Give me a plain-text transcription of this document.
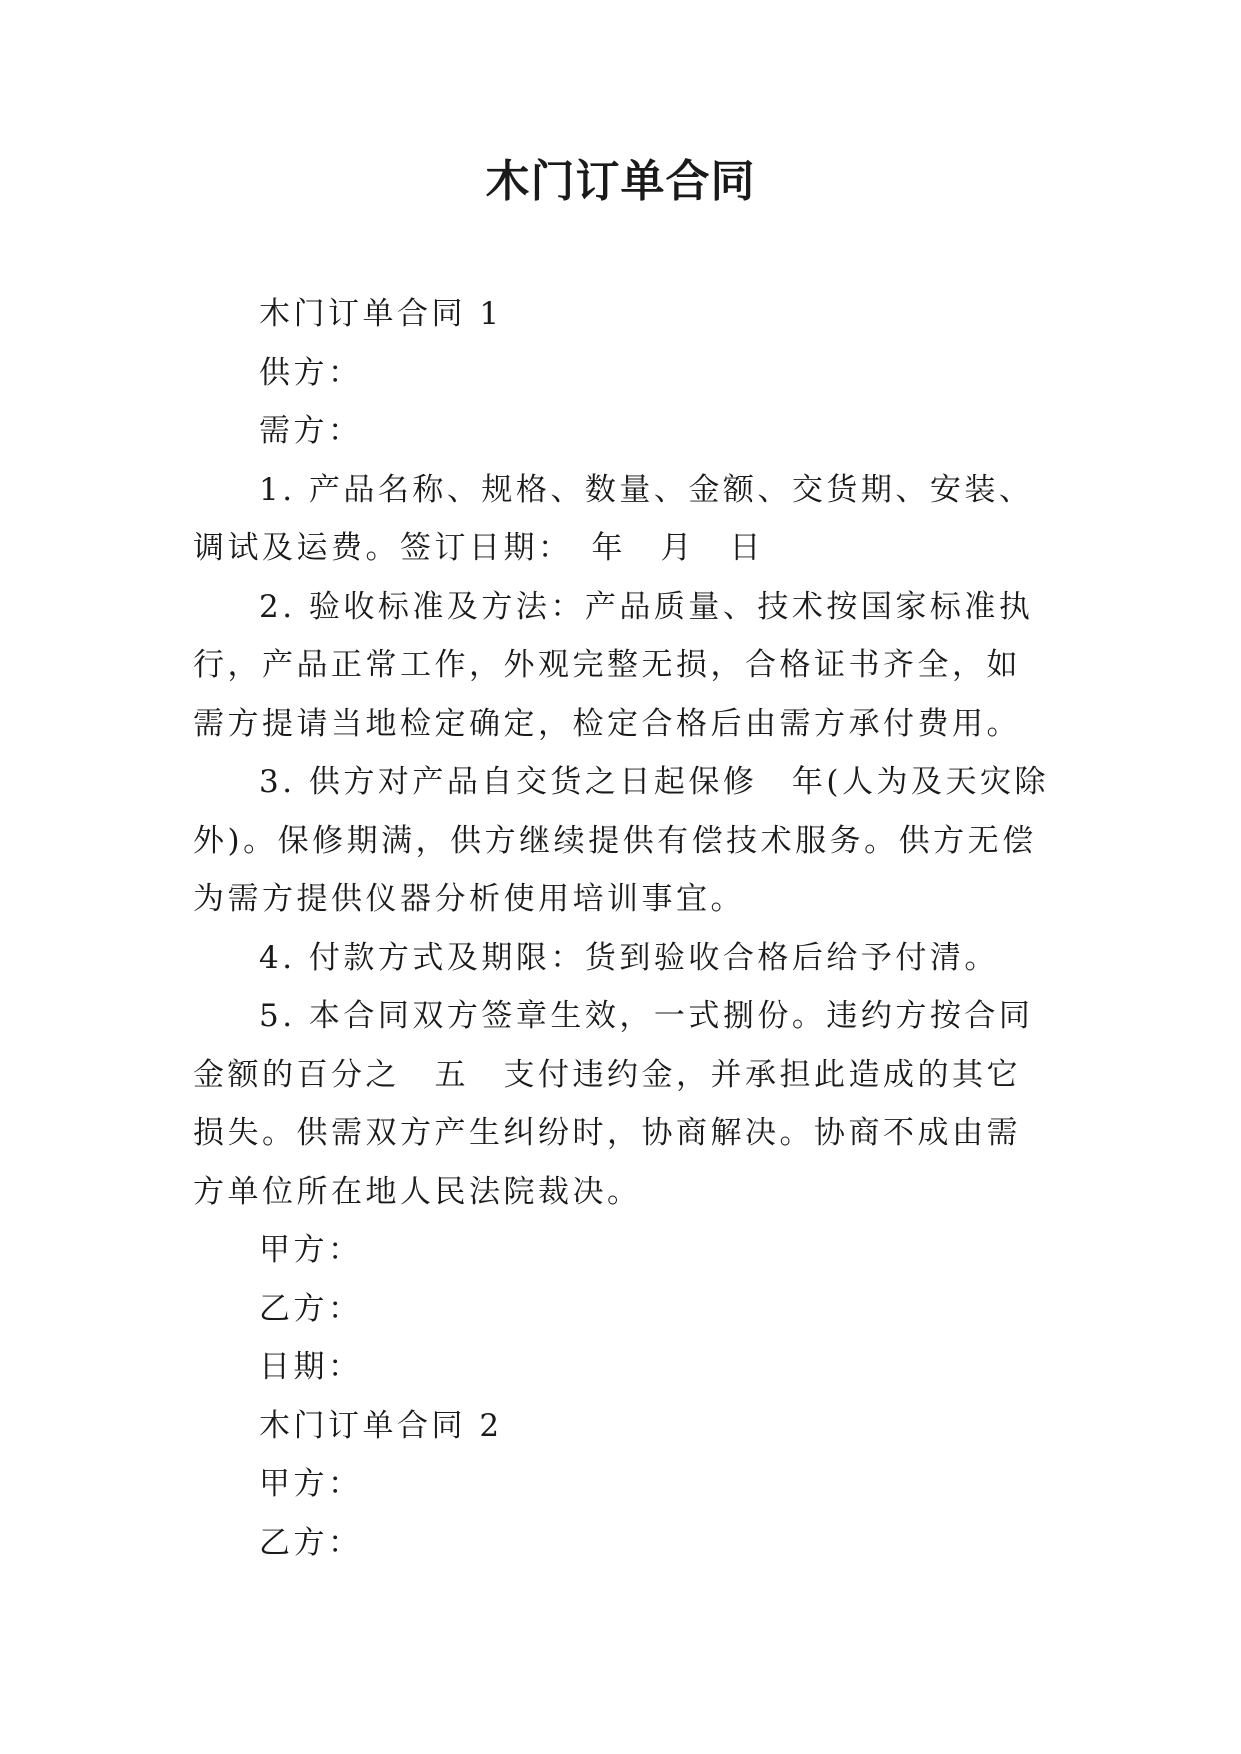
木门订单合同

木门订单合同 1

供方：

需方：

1. 产品名称、规格、数量、金额、交货期、安装、调试及运费。签订日期：　年　月　日

2. 验收标准及方法：产品质量、技术按国家标准执行，产品正常工作，外观完整无损，合格证书齐全，如需方提请当地检定确定，检定合格后由需方承付费用。

3. 供方对产品自交货之日起保修　年(人为及天灾除外)。保修期满，供方继续提供有偿技术服务。供方无偿为需方提供仪器分析使用培训事宜。

4. 付款方式及期限：货到验收合格后给予付清。

5. 本合同双方签章生效，一式捌份。违约方按合同金额的百分之　五　支付违约金，并承担此造成的其它损失。供需双方产生纠纷时，协商解决。协商不成由需方单位所在地人民法院裁决。

甲方：

乙方：

日期：

木门订单合同 2

甲方：

乙方：
